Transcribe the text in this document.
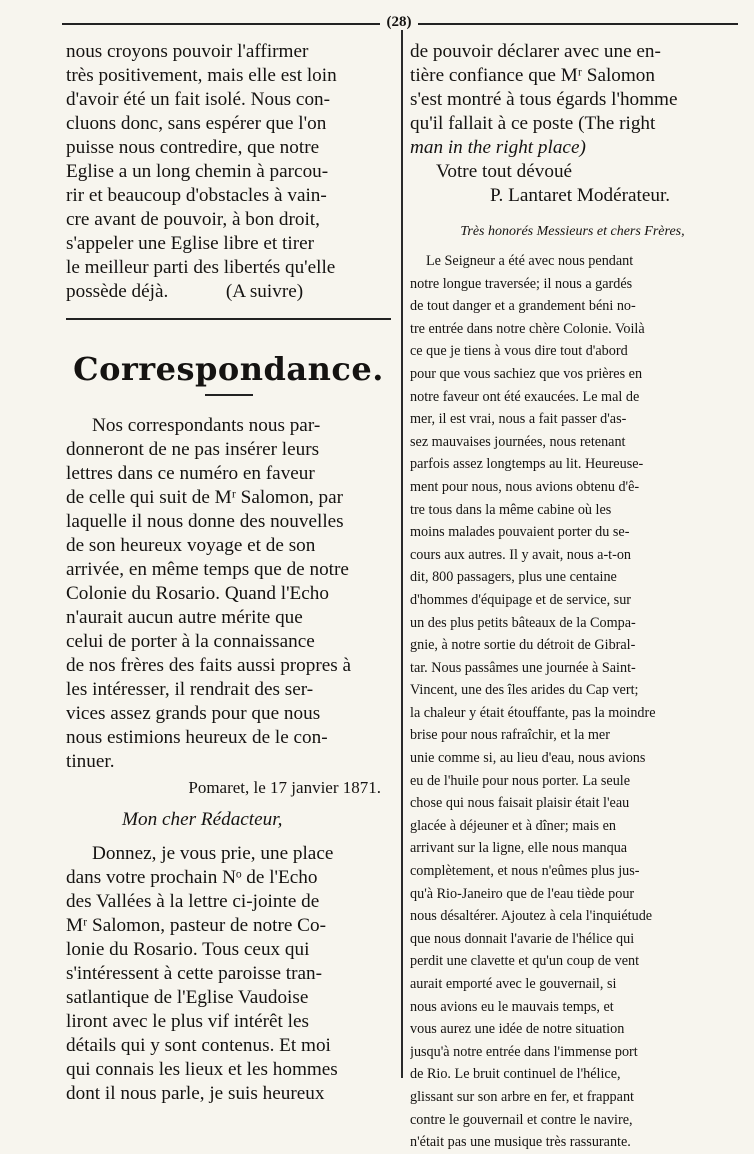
(28)
nous croyons pouvoir l'affirmer
très positivement, mais elle est loin
d'avoir été un fait isolé. Nous con-
cluons donc, sans espérer que l'on
puisse nous contredire, que notre
Eglise a un long chemin à parcou-
rir et beaucoup d'obstacles à vain-
cre avant de pouvoir, à bon droit,
s'appeler une Eglise libre et tirer
le meilleur parti des libertés qu'elle
possède déjà.            (A suivre)
Correspondance.
Nos correspondants nous par-
donneront de ne pas insérer leurs
lettres dans ce numéro en faveur
de celle qui suit de Mʳ Salomon, par
laquelle il nous donne des nouvelles
de son heureux voyage et de son
arrivée, en même temps que de notre
Colonie du Rosario. Quand l'Echo
n'aurait aucun autre mérite que
celui de porter à la connaissance
de nos frères des faits aussi propres à
les intéresser, il rendrait des ser-
vices assez grands pour que nous
nous estimions heureux de le con-
tinuer.
Pomaret, le 17 janvier 1871.
Mon cher Rédacteur,
Donnez, je vous prie, une place
dans votre prochain Nᵒ de l'Echo
des Vallées à la lettre ci-jointe de
Mʳ Salomon, pasteur de notre Co-
lonie du Rosario. Tous ceux qui
s'intéressent à cette paroisse tran-
satlantique de l'Eglise Vaudoise
liront avec le plus vif intérêt les
détails qui y sont contenus. Et moi
qui connais les lieux et les hommes
dont il nous parle, je suis heureux
de pouvoir déclarer avec une en-
tière confiance que Mʳ Salomon
s'est montré à tous égards l'homme
qu'il fallait à ce poste (The right
man in the right place)
Votre tout dévoué
P. Lantaret Modérateur.
Très honorés Messieurs et chers Frères,
Le Seigneur a été avec nous pendant
notre longue traversée; il nous a gardés
de tout danger et a grandement béni no-
tre entrée dans notre chère Colonie. Voilà
ce que je tiens à vous dire tout d'abord
pour que vous sachiez que vos prières en
notre faveur ont été exaucées. Le mal de
mer, il est vrai, nous a fait passer d'as-
sez mauvaises journées, nous retenant
parfois assez longtemps au lit. Heureuse-
ment pour nous, nous avions obtenu d'ê-
tre tous dans la même cabine où les
moins malades pouvaient porter du se-
cours aux autres. Il y avait, nous a-t-on
dit, 800 passagers, plus une centaine
d'hommes d'équipage et de service, sur
un des plus petits bâteaux de la Compa-
gnie, à notre sortie du détroit de Gibral-
tar. Nous passâmes une journée à Saint-
Vincent, une des îles arides du Cap vert;
la chaleur y était étouffante, pas la moindre
brise pour nous rafraîchir, et la mer
unie comme si, au lieu d'eau, nous avions
eu de l'huile pour nous porter. La seule
chose qui nous faisait plaisir était l'eau
glacée à déjeuner et à dîner; mais en
arrivant sur la ligne, elle nous manqua
complètement, et nous n'eûmes plus jus-
qu'à Rio-Janeiro que de l'eau tiède pour
nous désaltérer. Ajoutez à cela l'inquiétude
que nous donnait l'avarie de l'hélice qui
perdit une clavette et qu'un coup de vent
aurait emporté avec le gouvernail, si
nous avions eu le mauvais temps, et
vous aurez une idée de notre situation
jusqu'à notre entrée dans l'immense port
de Rio. Le bruit continuel de l'hélice,
glissant sur son arbre en fer, et frappant
contre le gouvernail et contre le navire,
n'était pas une musique très rassurante.
